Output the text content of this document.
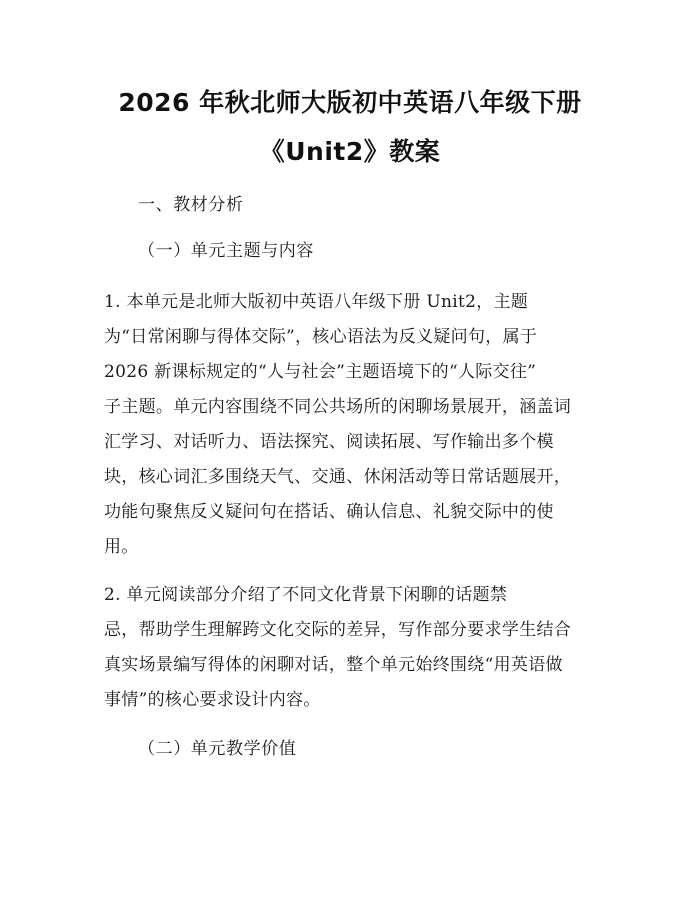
2026 年秋北师大版初中英语八年级下册
《Unit2》教案
一、教材分析
（一）单元主题与内容
1. 本单元是北师大版初中英语八年级下册 Unit2，主题
为“日常闲聊与得体交际”，核心语法为反义疑问句，属于
2026 新课标规定的“人与社会”主题语境下的“人际交往”
子主题。单元内容围绕不同公共场所的闲聊场景展开，涵盖词
汇学习、对话听力、语法探究、阅读拓展、写作输出多个模
块，核心词汇多围绕天气、交通、休闲活动等日常话题展开，
功能句聚焦反义疑问句在搭话、确认信息、礼貌交际中的使
用。
2. 单元阅读部分介绍了不同文化背景下闲聊的话题禁
忌，帮助学生理解跨文化交际的差异，写作部分要求学生结合
真实场景编写得体的闲聊对话，整个单元始终围绕“用英语做
事情”的核心要求设计内容。
（二）单元教学价值
